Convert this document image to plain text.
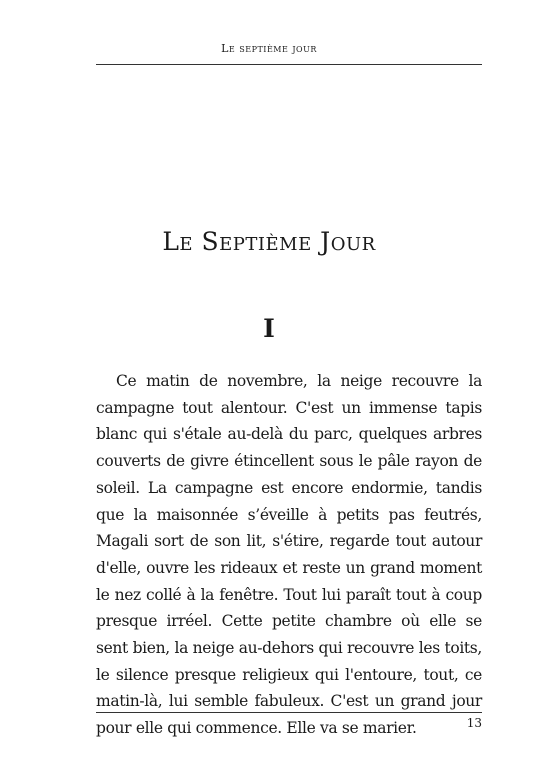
Le septième jour
Le Septième Jour
I

Ce matin de novembre, la neige recouvre la campagne tout alentour. C'est un immense tapis blanc qui s'étale au-delà du parc, quelques arbres couverts de givre étincellent sous le pâle rayon de soleil. La campagne est encore endormie, tandis que la maisonnée s’éveille à petits pas feutrés, Magali sort de son lit, s'étire, regarde tout autour d'elle, ouvre les rideaux et reste un grand moment le nez collé à la fenêtre. Tout lui paraît tout à coup presque irréel. Cette petite chambre où elle se sent bien, la neige au-dehors qui recouvre les toits, le silence presque religieux qui l'entoure, tout, ce matin-là, lui semble fabuleux. C'est un grand jour pour elle qui commence. Elle va se marier.	13
